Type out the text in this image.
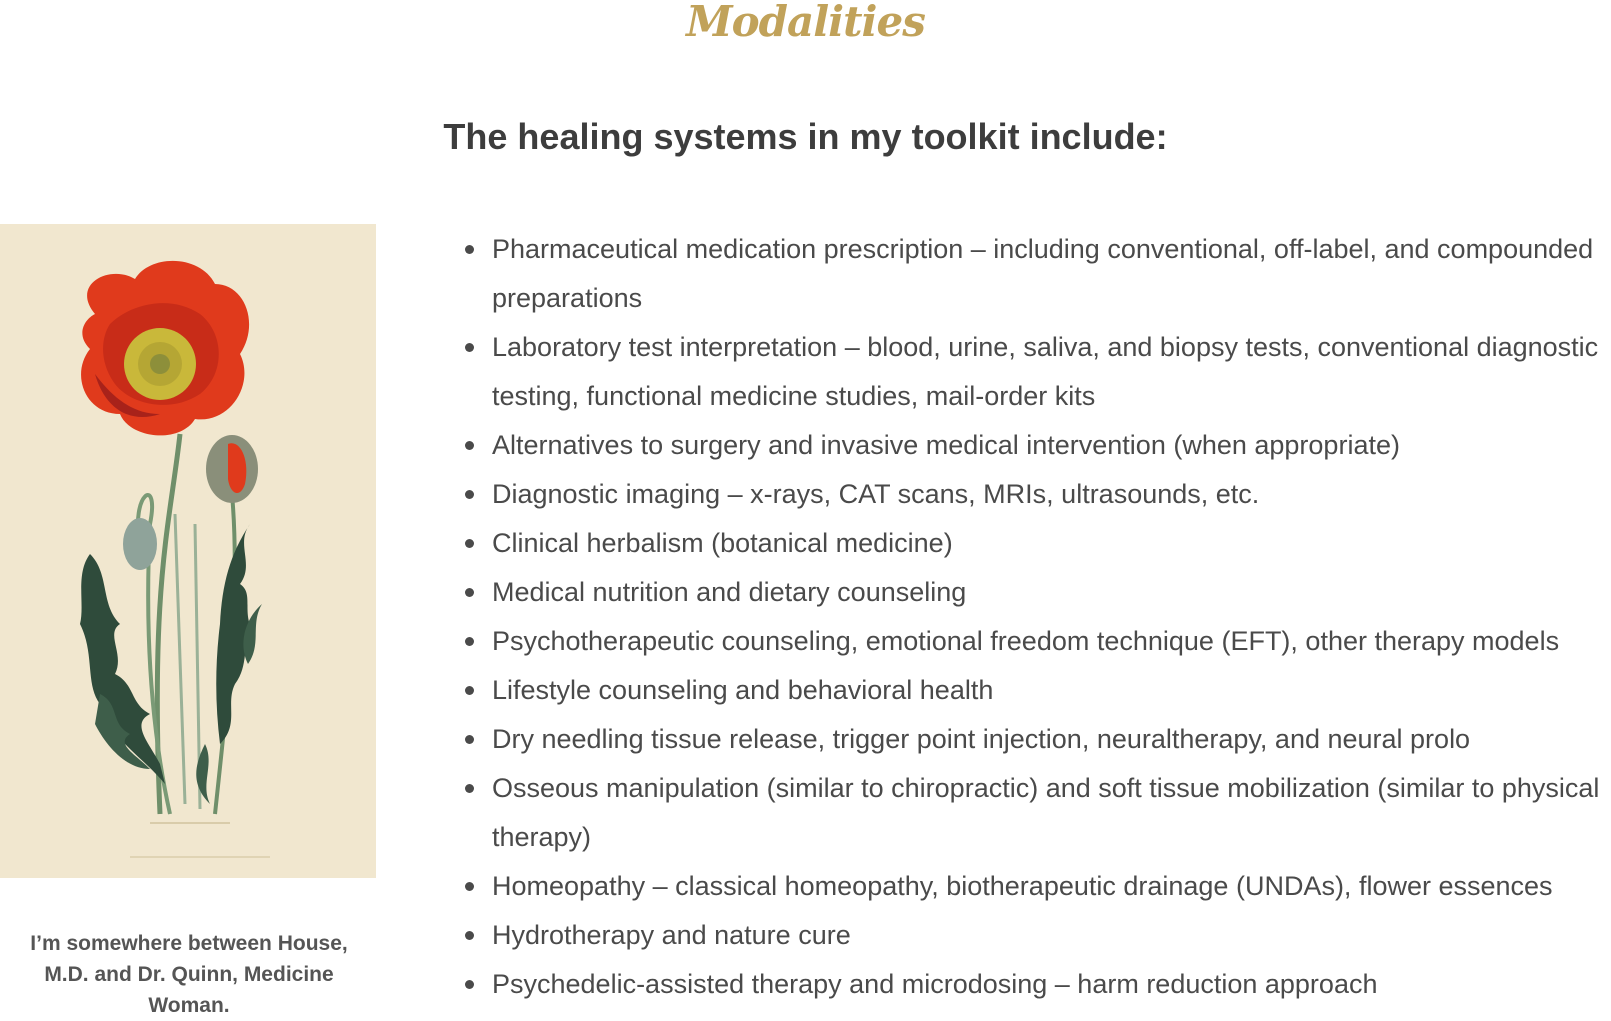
Modalities
The healing systems in my toolkit include:
I’m somewhere between House, M.D. and Dr. Quinn, Medicine Woman.
Pharmaceutical medication prescription – including conventional, off-label, and compounded preparations
Laboratory test interpretation – blood, urine, saliva, and biopsy tests, conventional diagnostic testing, functional medicine studies, mail-order kits
Alternatives to surgery and invasive medical intervention (when appropriate)
Diagnostic imaging – x-rays, CAT scans, MRIs, ultrasounds, etc.
Clinical herbalism (botanical medicine)
Medical nutrition and dietary counseling
Psychotherapeutic counseling, emotional freedom technique (EFT), other therapy models
Lifestyle counseling and behavioral health
Dry needling tissue release, trigger point injection, neuraltherapy, and neural prolo
Osseous manipulation (similar to chiropractic) and soft tissue mobilization (similar to physical therapy)
Homeopathy – classical homeopathy, biotherapeutic drainage (UNDAs), flower essences
Hydrotherapy and nature cure
Psychedelic-assisted therapy and microdosing – harm reduction approach
